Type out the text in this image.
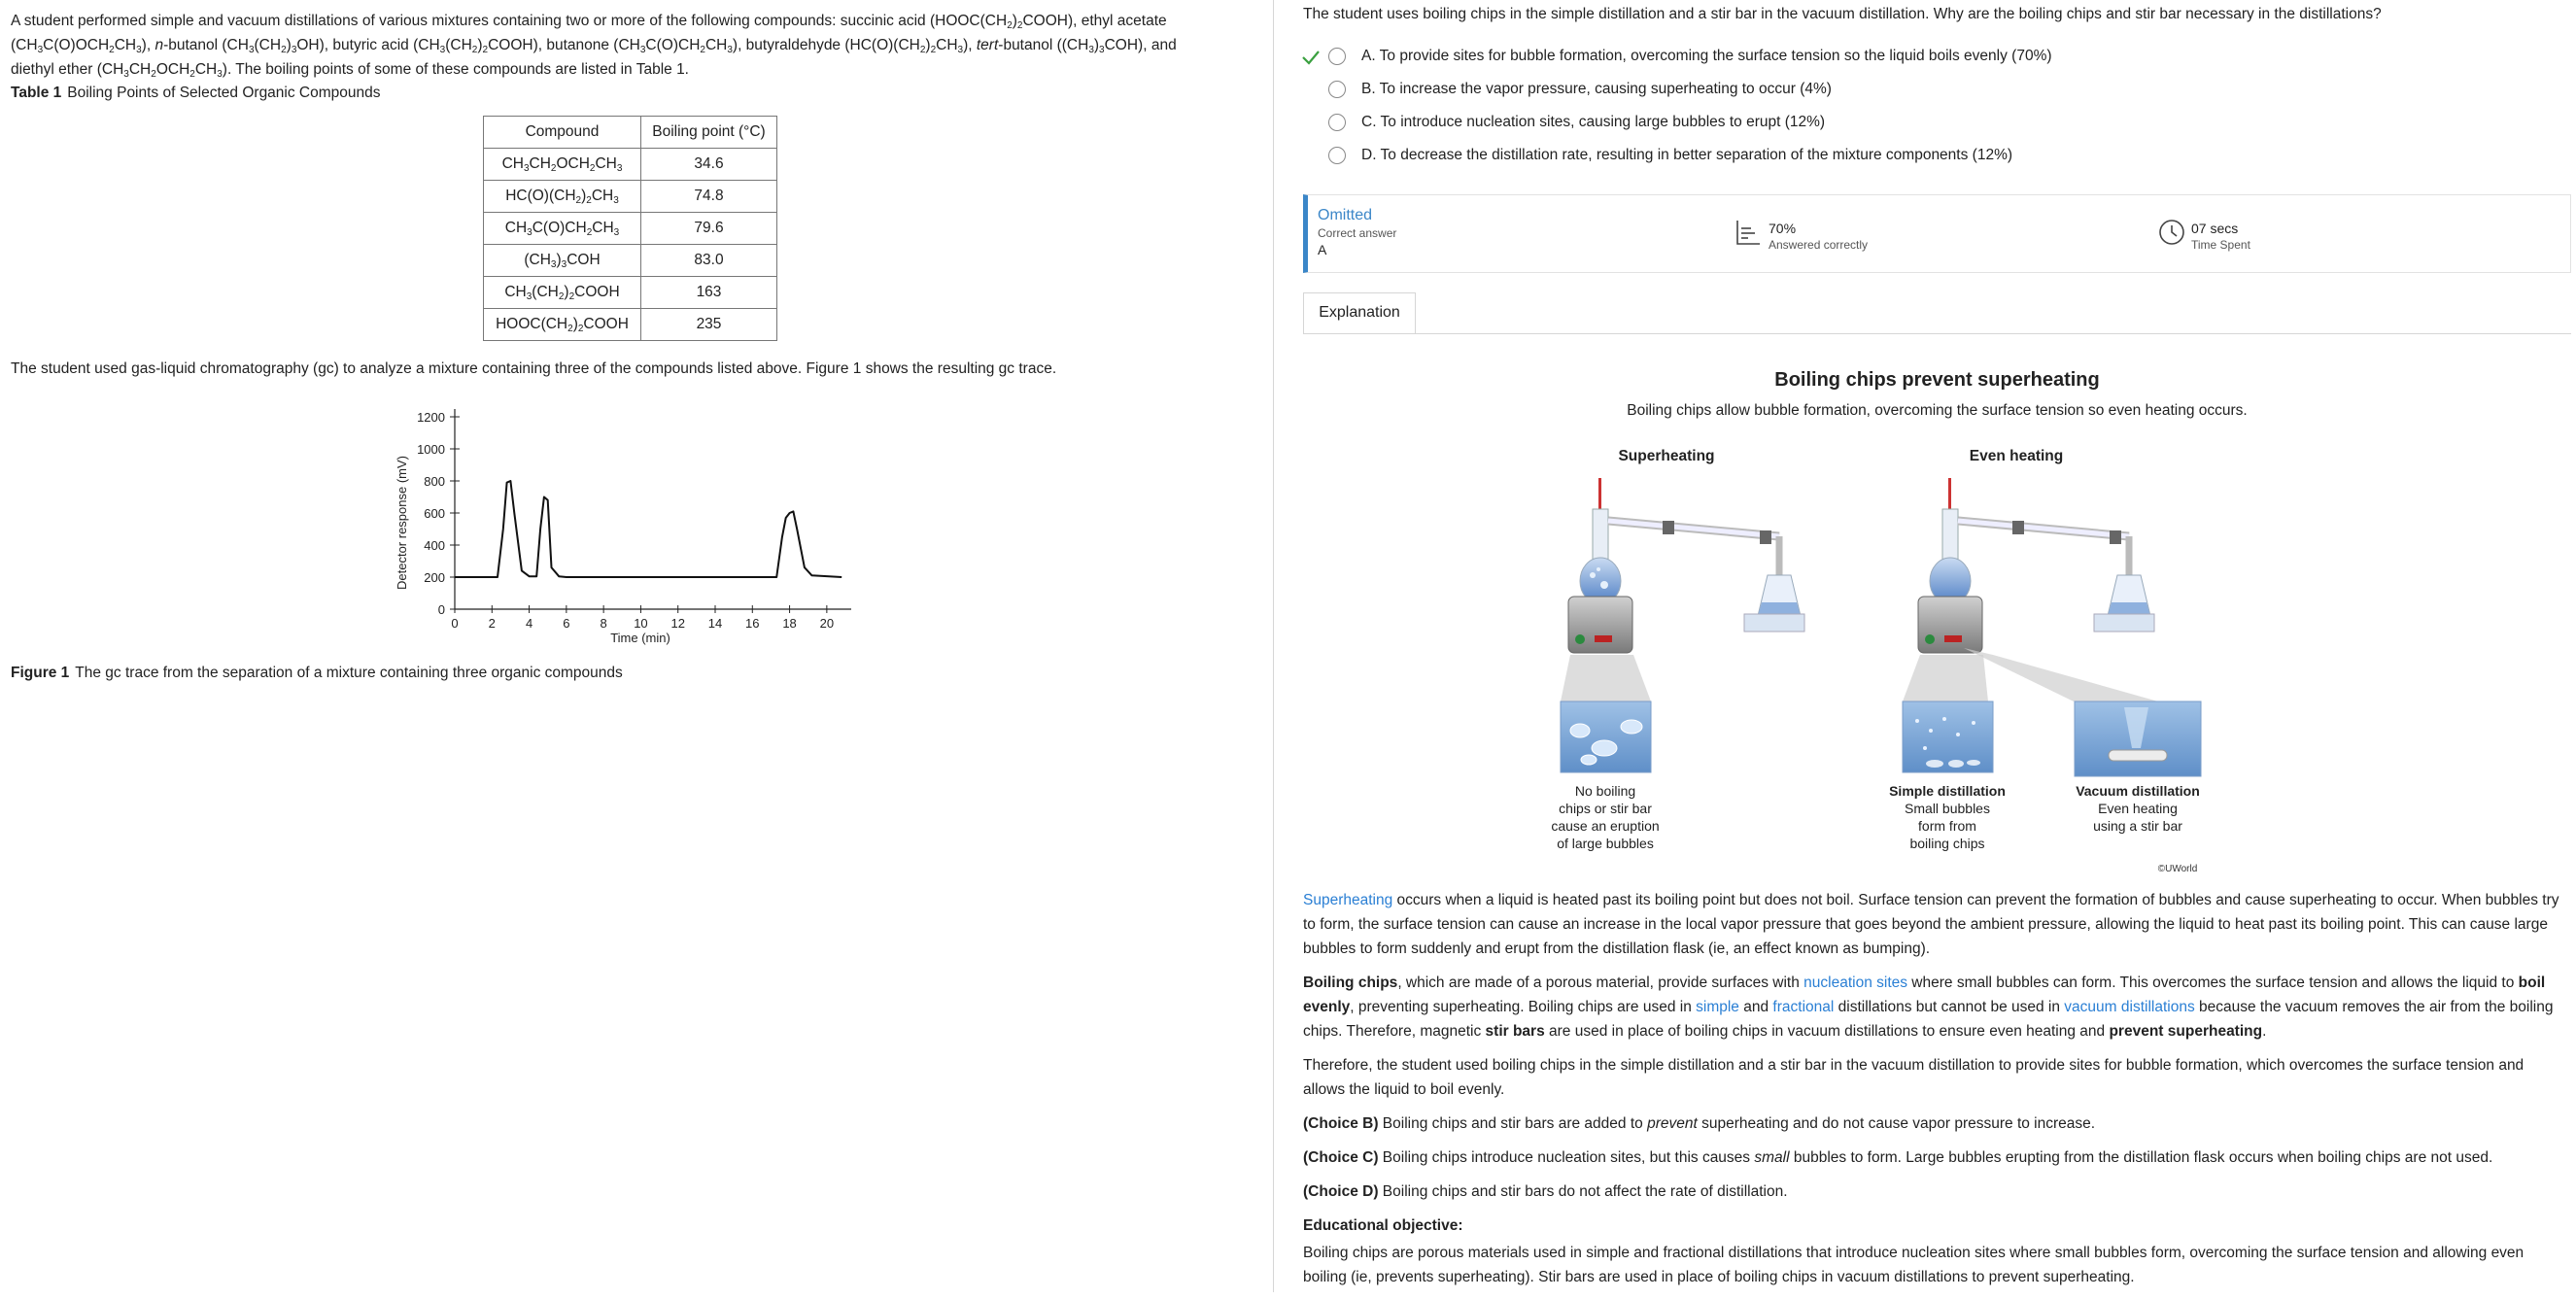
A student performed simple and vacuum distillations of various mixtures containing two or more of the following compounds: succinic acid $(HOOC(CH_2)_2COOH)$, ethyl acetate
$(CH_3C(O)OCH_2CH_3)$, n-butanol $(CH_3(CH_2)_3OH)$, butyric acid $(CH_3(CH_2)_2COOH)$, butanone $(CH_3C(O)CH_2CH_3)$, butyraldehyde $(HC(O)(CH_2)_2CH_3)$, tert-butanol $((CH_3)_3COH)$, and
diethyl ether $(CH_3CH_2OCH_2CH_3)$. The boiling points of some of these compounds are listed in Table 1.
Table 1 Boiling Points of Selected Organic Compounds
Compound	Boiling point (°C)
$CH_3CH_2OCH_2CH_3$	34.6
$HC(O)(CH_2)_2CH_3$	74.8
$CH_3C(O)CH_2CH_3$	79.6
$(CH_3)_3COH$	83.0
$CH_3(CH_2)_2COOH$	163
$HOOC(CH_2)_2COOH$	235

The student used gas-liquid chromatography (gc) to analyze a mixture containing three of the compounds listed above. Figure 1 shows the resulting gc trace.

0 2 4 6 8 10 12 14 16 18 20
0
200
400
600
800
1000
1200
Time (min)
Detector response (mV)
Figure 1 The gc trace from the separation of a mixture containing three organic compounds

The student uses boiling chips in the simple distillation and a stir bar in the vacuum distillation. Why are the boiling chips and stir bar necessary in the distillations?

A. To provide sites for bubble formation, overcoming the surface tension so the liquid boils evenly (70%)
B. To increase the vapor pressure, causing superheating to occur (4%)
C. To introduce nucleation sites, causing large bubbles to erupt (12%)
D. To decrease the distillation rate, resulting in better separation of the mixture components (12%)
Omitted
Correct answer
A
70%
Answered correctly
07 secs
Time Spent
Explanation
Boiling chips prevent superheating
Boiling chips allow bubble formation, overcoming the surface tension so even heating occurs.
Superheating	Even heating
No boiling
chips or stir bar
cause an eruption
of large bubbles
Simple distillation
Small bubbles
form from
boiling chips
Vacuum distillation
Even heating
using a stir bar
©UWorld

Superheating occurs when a liquid is heated past its boiling point but does not boil. Surface tension can prevent the formation of bubbles and cause superheating to occur. When bubbles try to form, the surface tension can cause an increase in the local vapor pressure that goes beyond the ambient pressure, allowing the liquid to heat past its boiling point. This can cause large bubbles to form suddenly and erupt from the distillation flask (ie, an effect known as bumping).

Boiling chips, which are made of a porous material, provide surfaces with nucleation sites where small bubbles can form. This overcomes the surface tension and allows the liquid to boil evenly, preventing superheating. Boiling chips are used in simple and fractional distillations but cannot be used in vacuum distillations because the vacuum removes the air from the boiling chips. Therefore, magnetic stir bars are used in place of boiling chips in vacuum distillations to ensure even heating and prevent superheating.

Therefore, the student used boiling chips in the simple distillation and a stir bar in the vacuum distillation to provide sites for bubble formation, which overcomes the surface tension and allows the liquid to boil evenly.

(Choice B) Boiling chips and stir bars are added to prevent superheating and do not cause vapor pressure to increase.

(Choice C) Boiling chips introduce nucleation sites, but this causes small bubbles to form. Large bubbles erupting from the distillation flask occurs when boiling chips are not used.

(Choice D) Boiling chips and stir bars do not affect the rate of distillation.

Educational objective:

Boiling chips are porous materials used in simple and fractional distillations that introduce nucleation sites where small bubbles form, overcoming the surface tension and allowing even boiling (ie, prevents superheating). Stir bars are used in place of boiling chips in vacuum distillations to prevent superheating.
